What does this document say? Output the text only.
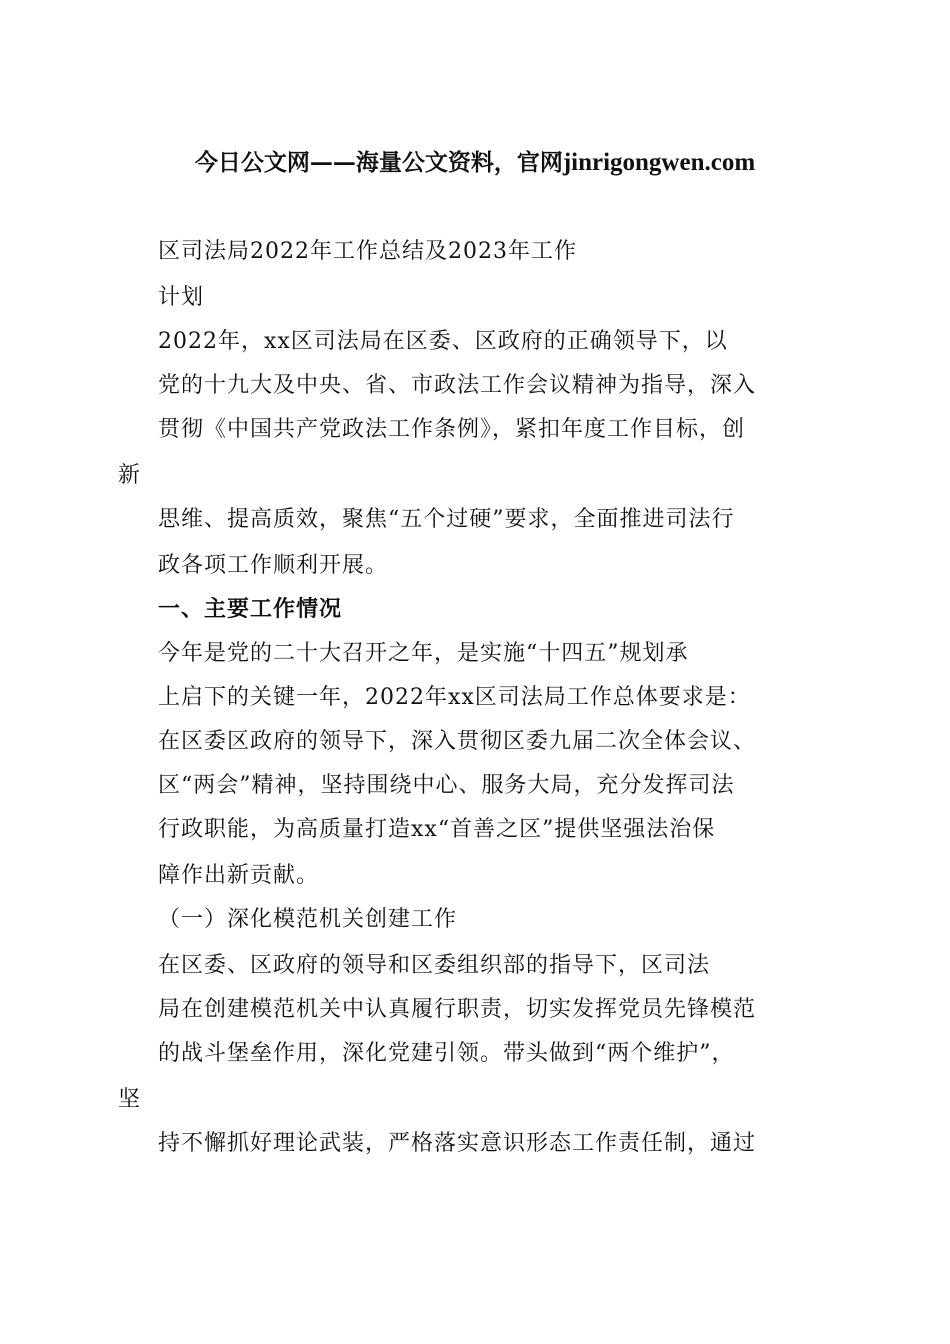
今日公文网——海量公文资料，官网jinrigongwen.com
区司法局2022年工作总结及2023年工作
计划
2022年，xx区司法局在区委、区政府的正确领导下，以
党的十九大及中央、省、市政法工作会议精神为指导，深入
贯彻《中国共产党政法工作条例》，紧扣年度工作目标，创
新
思维、提高质效，聚焦“五个过硬”要求，全面推进司法行
政各项工作顺利开展。
一、主要工作情况
今年是党的二十大召开之年，是实施“十四五”规划承
上启下的关键一年，2022年xx区司法局工作总体要求是：
在区委区政府的领导下，深入贯彻区委九届二次全体会议、
区“两会”精神，坚持围绕中心、服务大局，充分发挥司法
行政职能，为高质量打造xx“首善之区”提供坚强法治保
障作出新贡献。
（一）深化模范机关创建工作
在区委、区政府的领导和区委组织部的指导下，区司法
局在创建模范机关中认真履行职责，切实发挥党员先锋模范
的战斗堡垒作用，深化党建引领。带头做到“两个维护”，
坚
持不懈抓好理论武装，严格落实意识形态工作责任制，通过
